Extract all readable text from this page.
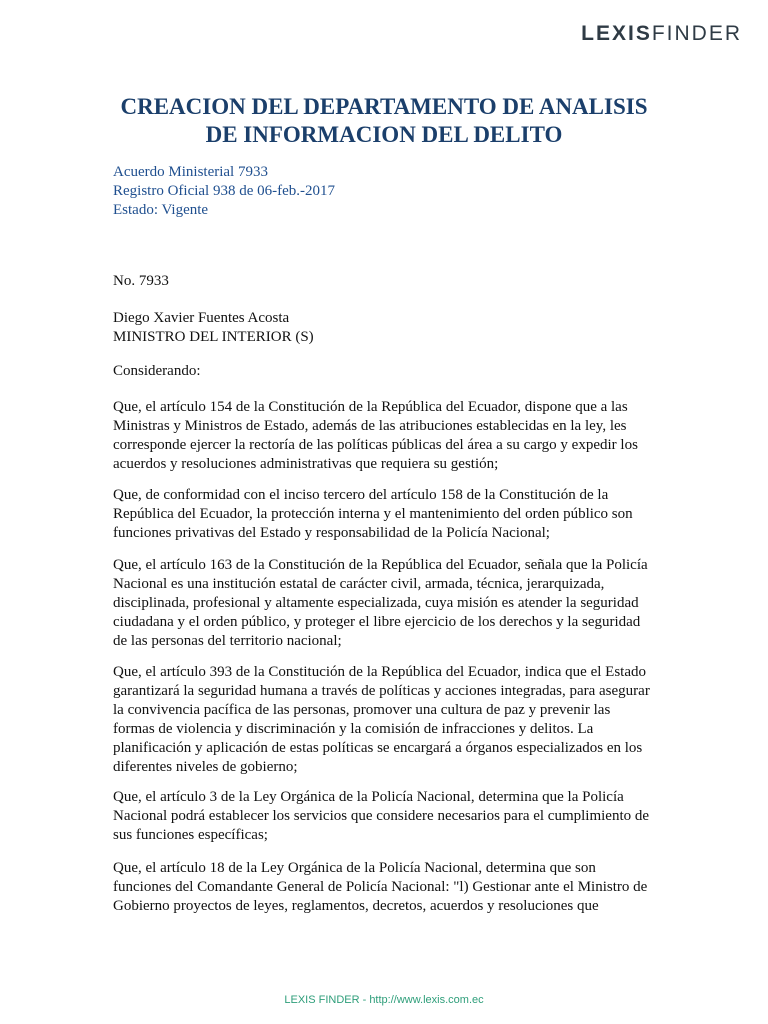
LEXISFINDER
CREACION DEL DEPARTAMENTO DE ANALISIS
DE INFORMACION DEL DELITO
Acuerdo Ministerial 7933
Registro Oficial 938 de 06-feb.-2017
Estado: Vigente

No. 7933

Diego Xavier Fuentes Acosta
MINISTRO DEL INTERIOR (S)

Considerando:

Que, el artículo 154 de la Constitución de la República del Ecuador, dispone que a las
Ministras y Ministros de Estado, además de las atribuciones establecidas en la ley, les
corresponde ejercer la rectoría de las políticas públicas del área a su cargo y expedir los
acuerdos y resoluciones administrativas que requiera su gestión;
Que, de conformidad con el inciso tercero del artículo 158 de la Constitución de la
República del Ecuador, la protección interna y el mantenimiento del orden público son
funciones privativas del Estado y responsabilidad de la Policía Nacional;
Que, el artículo 163 de la Constitución de la República del Ecuador, señala que la Policía
Nacional es una institución estatal de carácter civil, armada, técnica, jerarquizada,
disciplinada, profesional y altamente especializada, cuya misión es atender la seguridad
ciudadana y el orden público, y proteger el libre ejercicio de los derechos y la seguridad
de las personas del territorio nacional;
Que, el artículo 393 de la Constitución de la República del Ecuador, indica que el Estado
garantizará la seguridad humana a través de políticas y acciones integradas, para asegurar
la convivencia pacífica de las personas, promover una cultura de paz y prevenir las
formas de violencia y discriminación y la comisión de infracciones y delitos. La
planificación y aplicación de estas políticas se encargará a órganos especializados en los
diferentes niveles de gobierno;
Que, el artículo 3 de la Ley Orgánica de la Policía Nacional, determina que la Policía
Nacional podrá establecer los servicios que considere necesarios para el cumplimiento de
sus funciones específicas;
Que, el artículo 18 de la Ley Orgánica de la Policía Nacional, determina que son
funciones del Comandante General de Policía Nacional: "l) Gestionar ante el Ministro de
Gobierno proyectos de leyes, reglamentos, decretos, acuerdos y resoluciones que
LEXIS FINDER - http://www.lexis.com.ec
